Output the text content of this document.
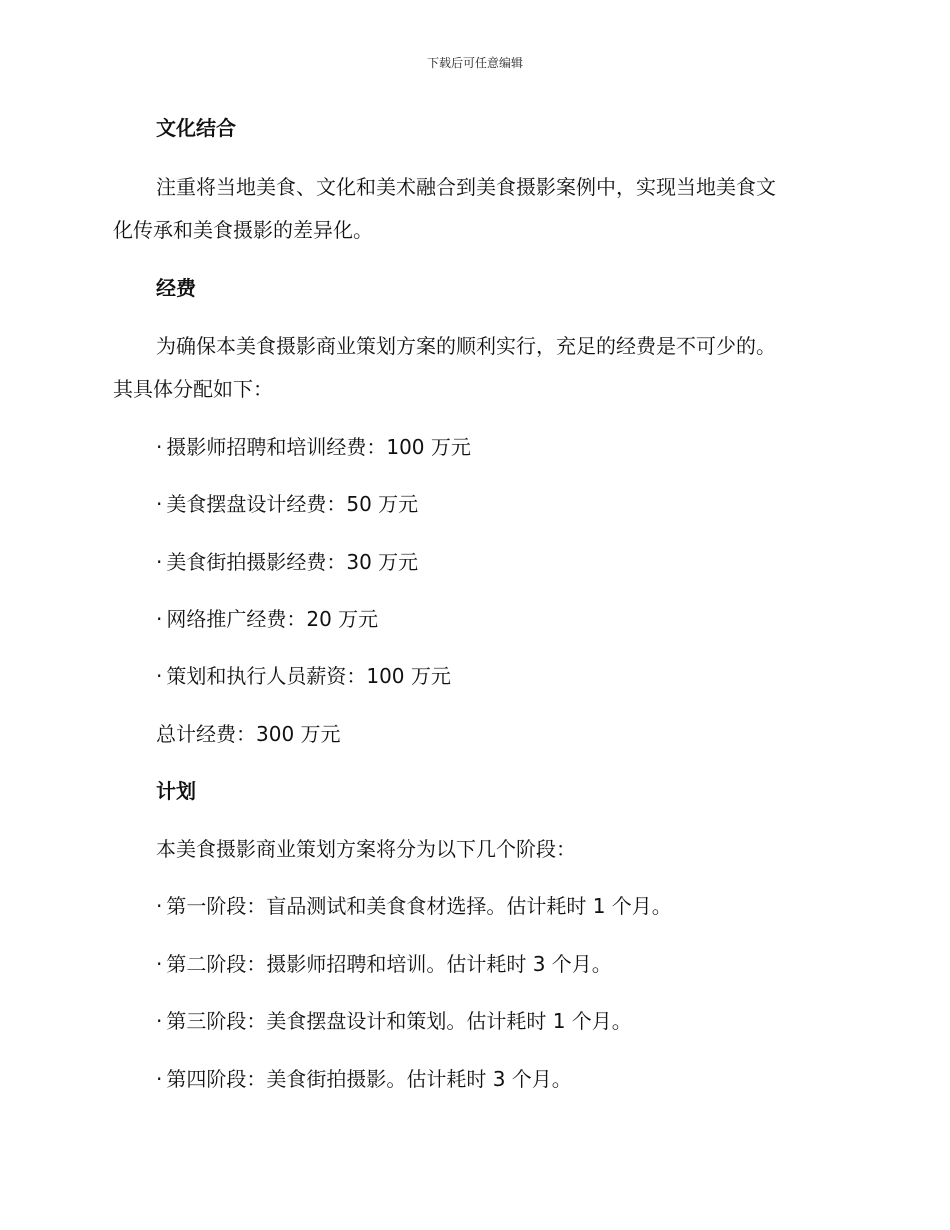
下载后可任意编辑
文化结合
注重将当地美食、文化和美术融合到美食摄影案例中，实现当地美食文
化传承和美食摄影的差异化。
经费
为确保本美食摄影商业策划方案的顺利实行，充足的经费是不可少的。
其具体分配如下：
· 摄影师招聘和培训经费：100 万元
· 美食摆盘设计经费：50 万元
· 美食街拍摄影经费：30 万元
· 网络推广经费：20 万元
· 策划和执行人员薪资：100 万元
总计经费：300 万元
计划
本美食摄影商业策划方案将分为以下几个阶段：
· 第一阶段：盲品测试和美食食材选择。估计耗时 1 个月。
· 第二阶段：摄影师招聘和培训。估计耗时 3 个月。
· 第三阶段：美食摆盘设计和策划。估计耗时 1 个月。
· 第四阶段：美食街拍摄影。估计耗时 3 个月。
